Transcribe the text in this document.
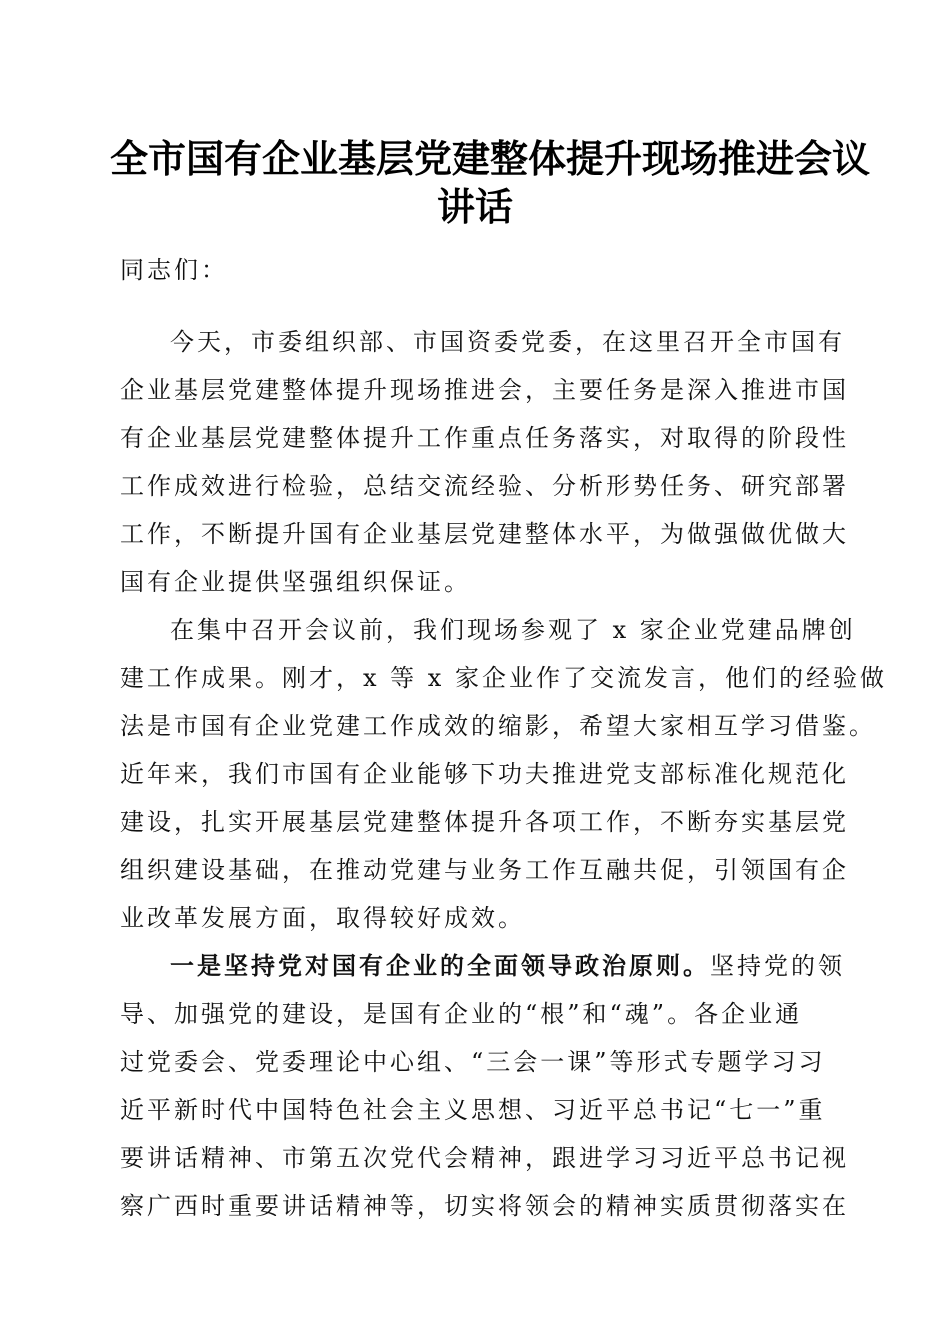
全市国有企业基层党建整体提升现场推进会议
讲话
同志们：
今天，市委组织部、市国资委党委，在这里召开全市国有
企业基层党建整体提升现场推进会，主要任务是深入推进市国
有企业基层党建整体提升工作重点任务落实，对取得的阶段性
工作成效进行检验，总结交流经验、分析形势任务、研究部署
工作，不断提升国有企业基层党建整体水平，为做强做优做大
国有企业提供坚强组织保证。
在集中召开会议前，我们现场参观了 x 家企业党建品牌创
建工作成果。刚才，x 等 x 家企业作了交流发言，他们的经验做
法是市国有企业党建工作成效的缩影，希望大家相互学习借鉴。
近年来，我们市国有企业能够下功夫推进党支部标准化规范化
建设，扎实开展基层党建整体提升各项工作，不断夯实基层党
组织建设基础，在推动党建与业务工作互融共促，引领国有企
业改革发展方面，取得较好成效。
一是坚持党对国有企业的全面领导政治原则。坚持党的领
导、加强党的建设，是国有企业的“根”和“魂”。各企业通
过党委会、党委理论中心组、“三会一课”等形式专题学习习
近平新时代中国特色社会主义思想、习近平总书记“七一”重
要讲话精神、市第五次党代会精神，跟进学习习近平总书记视
察广西时重要讲话精神等，切实将领会的精神实质贯彻落实在
